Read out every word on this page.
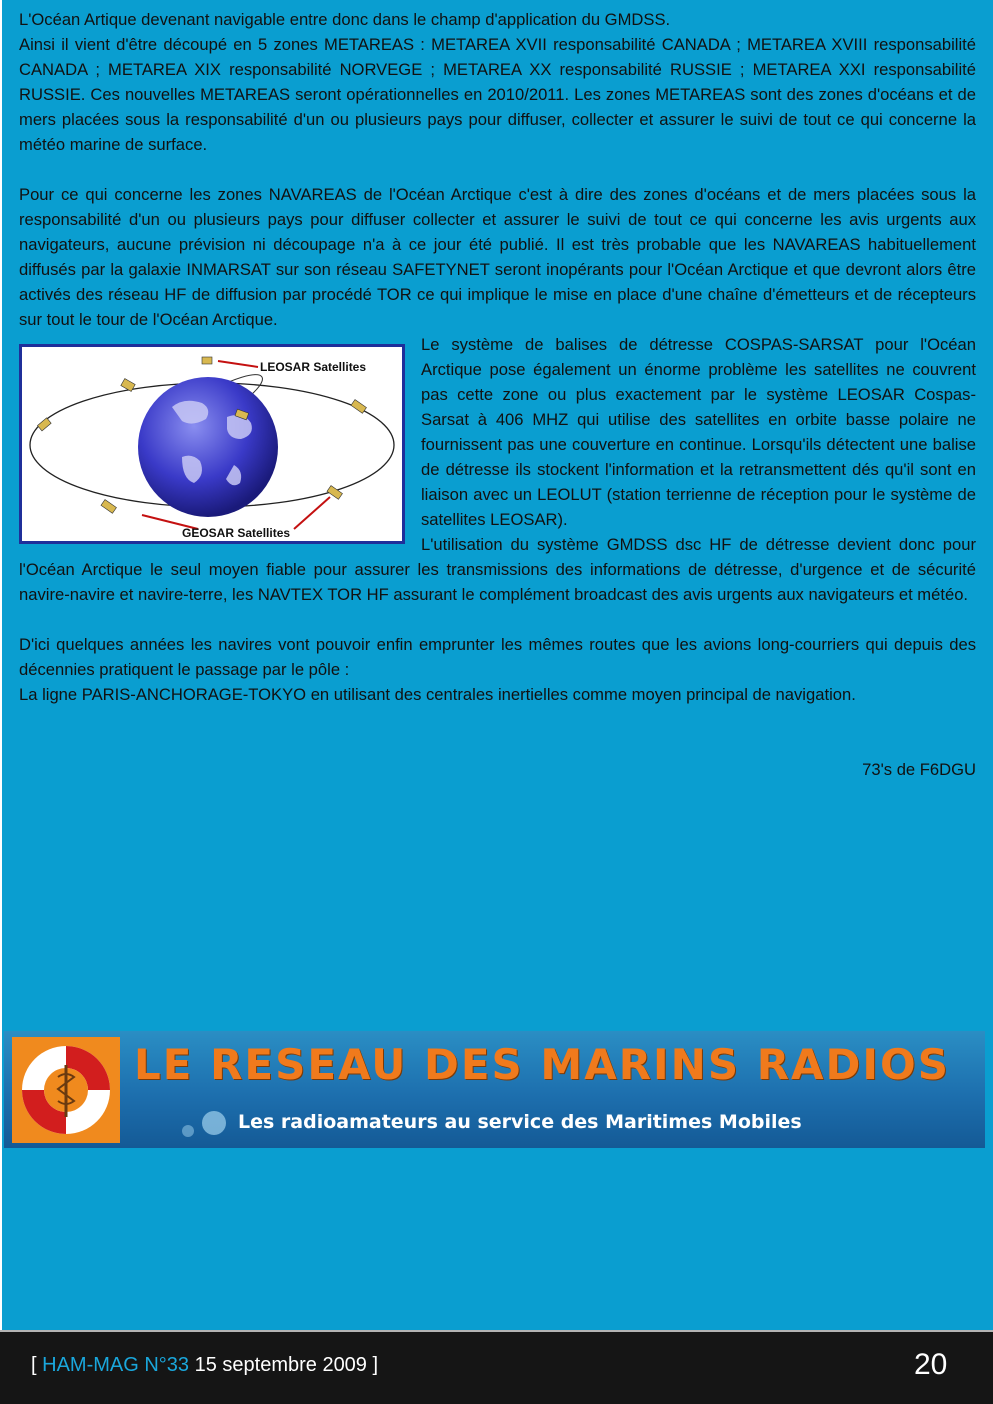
L'Océan Artique devenant navigable entre donc dans le champ d'application du GMDSS.

Ainsi il vient d'être découpé en 5 zones METAREAS : METAREA XVII responsabilité CANADA ; METAREA XVIII responsabilité CANADA ; METAREA XIX responsabilité NORVEGE ; METAREA XX responsabilité RUSSIE ; METAREA XXI responsabilité RUSSIE. Ces nouvelles METAREAS seront opérationnelles en 2010/2011. Les zones METAREAS sont des zones d'océans et de mers placées sous la responsabilité d'un ou plusieurs pays pour diffuser, collecter et assurer le suivi de tout ce qui concerne la météo marine de surface.

Pour ce qui concerne les zones NAVAREAS de l'Océan Arctique c'est à dire des zones d'océans et de mers placées sous la responsabilité d'un ou plusieurs pays pour diffuser collecter et assurer le suivi de tout ce qui concerne les avis urgents aux navigateurs, aucune prévision ni découpage n'a à ce jour été publié. Il est très probable que les NAVAREAS habituellement diffusés par la galaxie INMARSAT sur son réseau SAFETYNET seront inopérants pour l'Océan Arctique et que devront alors être activés des réseau HF de diffusion par procédé TOR ce qui implique le mise en place d'une chaîne d'émetteurs et de récepteurs sur tout le tour de l'Océan Arctique.

LEOSAR Satellites
GEOSAR Satellites

Le système de balises de détresse COSPAS-SARSAT pour l'Océan Arctique pose également un énorme problème les satellites ne couvrent pas cette zone ou plus exactement par le système LEOSAR Cospas-Sarsat à 406 MHZ qui utilise des satellites en orbite basse polaire ne fournissent pas une couverture en continue. Lorsqu'ils détectent une balise de détresse ils stockent l'information et la retransmettent dés qu'il sont en liaison avec un LEOLUT (station terrienne de réception pour le système de satellites LEOSAR).

L'utilisation du système GMDSS dsc HF de détresse devient donc pour l'Océan Arctique le seul moyen fiable pour assurer les transmissions des informations de détresse, d'urgence et de sécurité navire-navire et navire-terre, les NAVTEX TOR HF assurant le complément broadcast des avis urgents aux navigateurs et météo.

D'ici quelques années les navires vont pouvoir enfin emprunter les mêmes routes que les avions long-courriers qui depuis des décennies pratiquent le passage par le pôle :

La ligne PARIS-ANCHORAGE-TOKYO en utilisant des centrales inertielles comme moyen principal de navigation.

73's de F6DGU

LE RESEAU DES MARINS RADIOS
Les radioamateurs au service des Maritimes Mobiles
[ HAM-MAG N°33 15 septembre 2009 ]	20
